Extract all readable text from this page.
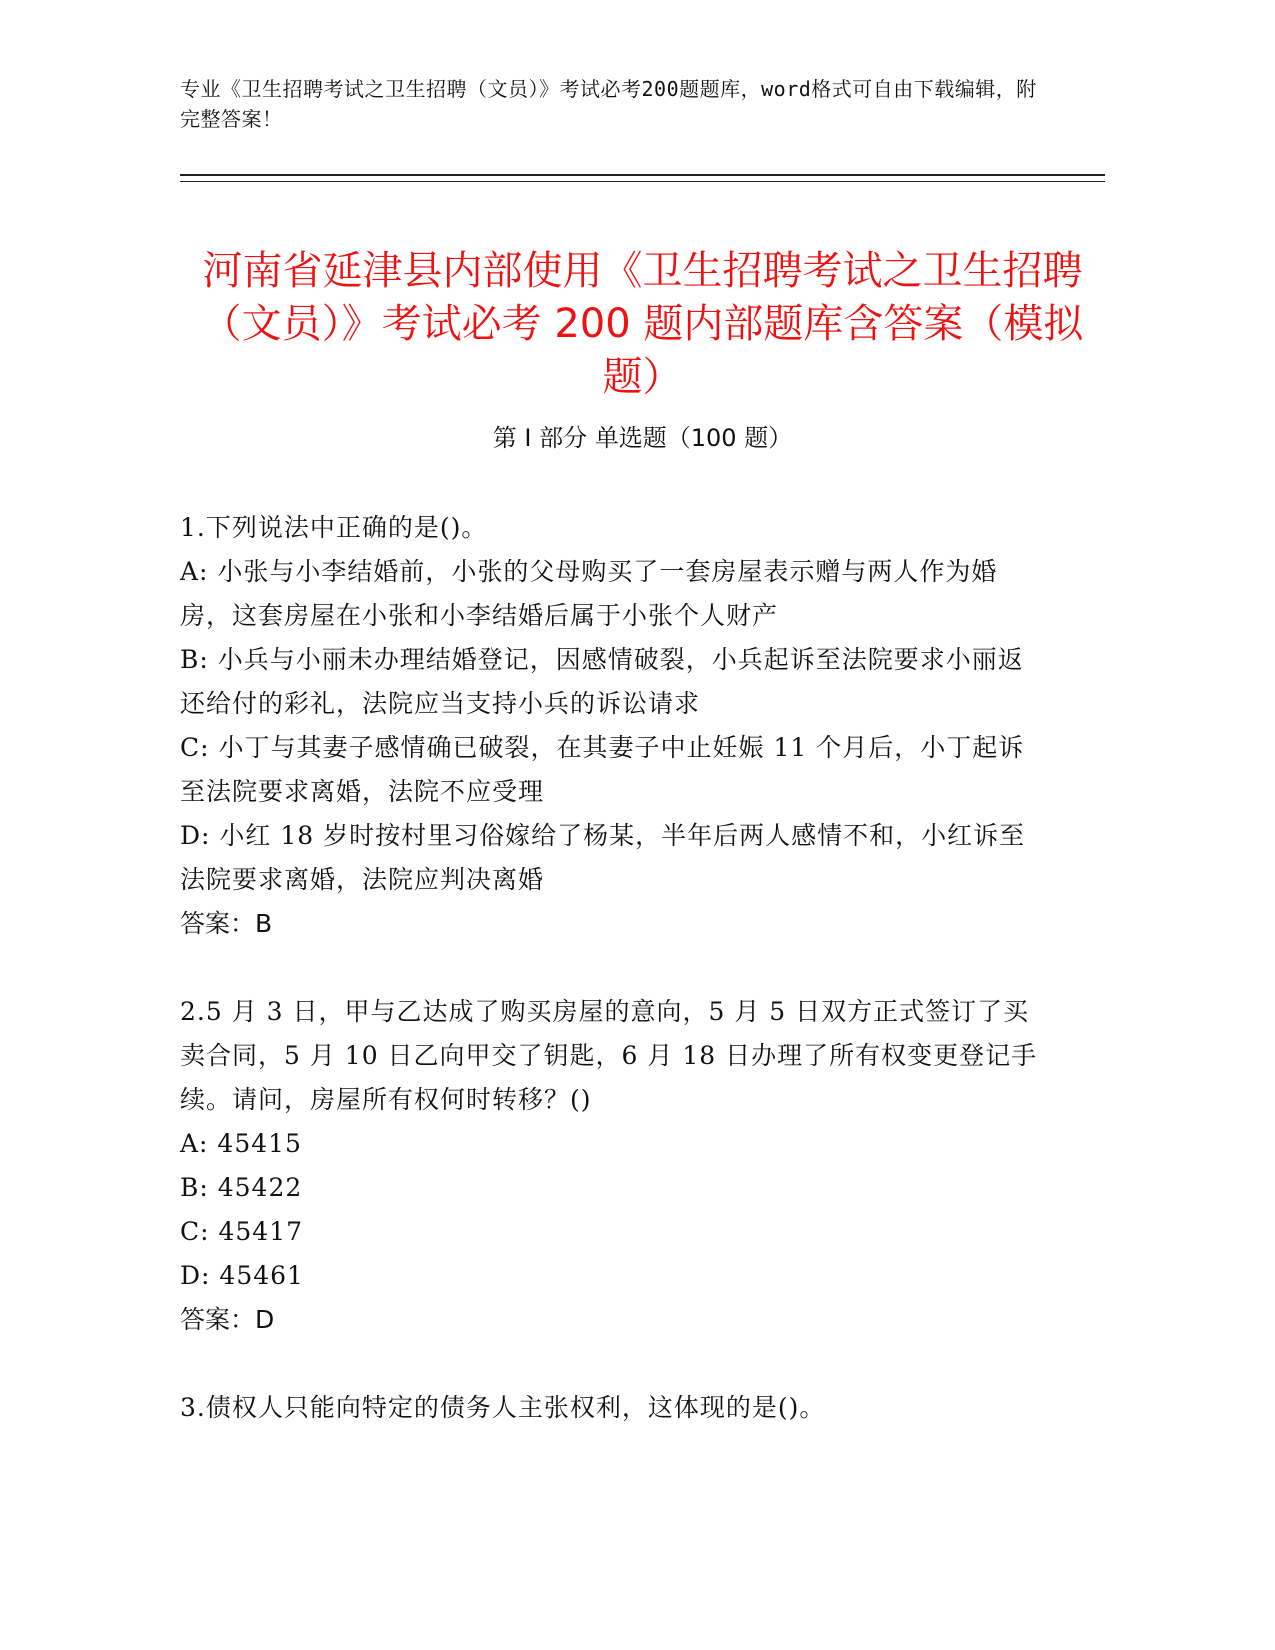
专业《卫生招聘考试之卫生招聘（文员）》考试必考200题题库，word格式可自由下载编辑，附完整答案！
河南省延津县内部使用《卫生招聘考试之卫生招聘（文员）》考试必考 200 题内部题库含答案（模拟题）
第 I 部分 单选题（100 题）
1.下列说法中正确的是()。
A: 小张与小李结婚前，小张的父母购买了一套房屋表示赠与两人作为婚房，这套房屋在小张和小李结婚后属于小张个人财产
B: 小兵与小丽未办理结婚登记，因感情破裂，小兵起诉至法院要求小丽返还给付的彩礼，法院应当支持小兵的诉讼请求
C: 小丁与其妻子感情确已破裂，在其妻子中止妊娠 11 个月后，小丁起诉至法院要求离婚，法院不应受理
D: 小红 18 岁时按村里习俗嫁给了杨某，半年后两人感情不和，小红诉至法院要求离婚，法院应判决离婚
答案：B
2.5 月 3 日，甲与乙达成了购买房屋的意向，5 月 5 日双方正式签订了买卖合同，5 月 10 日乙向甲交了钥匙，6 月 18 日办理了所有权变更登记手续。请问，房屋所有权何时转移？()
A: 45415
B: 45422
C: 45417
D: 45461
答案：D
3.债权人只能向特定的债务人主张权利，这体现的是()。
